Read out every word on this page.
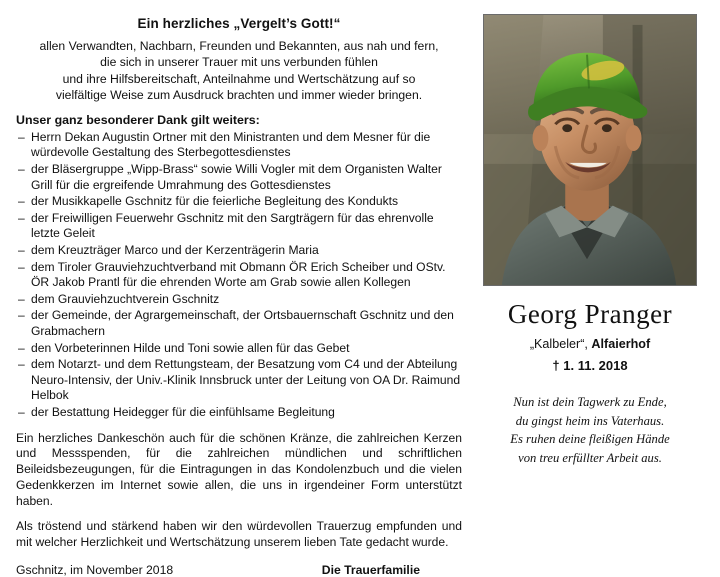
Ein herzliches „Vergelt’s Gott!“
allen Verwandten, Nachbarn, Freunden und Bekannten, aus nah und fern,
die sich in unserer Trauer mit uns verbunden fühlen
und ihre Hilfsbereitschaft, Anteilnahme und Wertschätzung auf so
vielfältige Weise zum Ausdruck brachten und immer wieder bringen.
Unser ganz besonderer Dank gilt weiters:
– Herrn Dekan Augustin Ortner mit den Ministranten und dem Mesner für die würdevolle Gestaltung des Sterbegottesdienstes
– der Bläsergruppe „Wipp-Brass“ sowie Willi Vogler mit dem Organisten Walter Grill für die ergreifende Umrahmung des Gottesdienstes
– der Musikkapelle Gschnitz für die feierliche Begleitung des Kondukts
– der Freiwilligen Feuerwehr Gschnitz mit den Sargträgern für das ehrenvolle letzte Geleit
– dem Kreuzträger Marco und der Kerzenträgerin Maria
– dem Tiroler Grauviehzuchtverband mit Obmann ÖR Erich Scheiber und OStv. ÖR Jakob Prantl für die ehrenden Worte am Grab sowie allen Kollegen
– dem Grauviehzuchtverein Gschnitz
– der Gemeinde, der Agrargemeinschaft, der Ortsbauernschaft Gschnitz und den Grabmachern
– den Vorbeterinnen Hilde und Toni sowie allen für das Gebet
– dem Notarzt- und dem Rettungsteam, der Besatzung vom C4 und der Abteilung Neuro-Intensiv, der Univ.-Klinik Innsbruck unter der Leitung von OA Dr. Raimund Helbok
– der Bestattung Heidegger für die einfühlsame Begleitung
Ein herzliches Dankeschön auch für die schönen Kränze, die zahlreichen Kerzen und Messspenden, für die zahlreichen mündlichen und schriftlichen Beileidsbezeugungen, für die Eintragungen in das Kondolenzbuch und die vielen Gedenkkerzen im Internet sowie allen, die uns in irgendeiner Form unterstützt haben.
Als tröstend und stärkend haben wir den würdevollen Trauerzug empfunden und mit welcher Herzlichkeit und Wertschätzung unserem lieben Tate gedacht wurde.
Gschnitz, im November 2018	Die Trauerfamilie
Georg Pranger
„Kalbeler“, Alfaierhof
† 1. 11. 2018
Nun ist dein Tagwerk zu Ende,
du gingst heim ins Vaterhaus.
Es ruhen deine fleißigen Hände
von treu erfüllter Arbeit aus.
